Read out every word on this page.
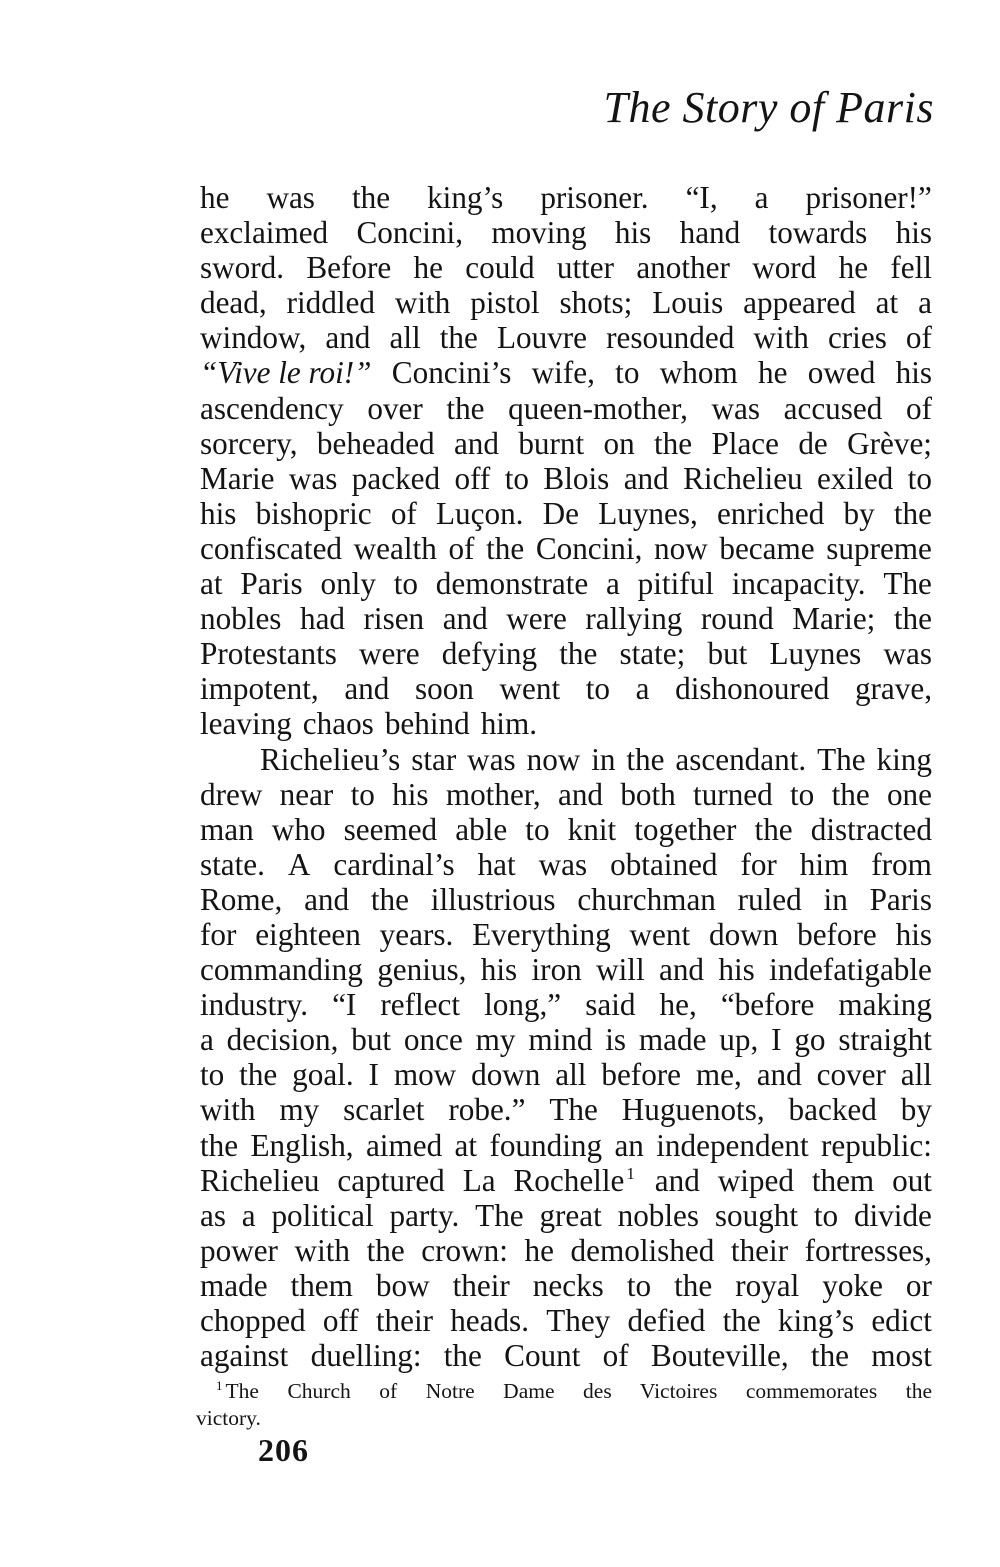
The Story of Paris
he was the king’s prisoner. “I, a prisoner!”
exclaimed Concini, moving his hand towards his
sword. Before he could utter another word he fell
dead, riddled with pistol shots; Louis appeared at a
window, and all the Louvre resounded with cries of
“Vive le roi!” Concini’s wife, to whom he owed his
ascendency over the queen-mother, was accused of
sorcery, beheaded and burnt on the Place de Grève;
Marie was packed off to Blois and Richelieu exiled to
his bishopric of Luçon. De Luynes, enriched by the
confiscated wealth of the Concini, now became supreme
at Paris only to demonstrate a pitiful incapacity. The
nobles had risen and were rallying round Marie; the
Protestants were defying the state; but Luynes was
impotent, and soon went to a dishonoured grave,
leaving chaos behind him.
Richelieu’s star was now in the ascendant. The king
drew near to his mother, and both turned to the one
man who seemed able to knit together the distracted
state. A cardinal’s hat was obtained for him from
Rome, and the illustrious churchman ruled in Paris
for eighteen years. Everything went down before his
commanding genius, his iron will and his indefatigable
industry. “I reflect long,” said he, “before making
a decision, but once my mind is made up, I go straight
to the goal. I mow down all before me, and cover all
with my scarlet robe.” The Huguenots, backed by
the English, aimed at founding an independent republic:
Richelieu captured La Rochelle $^1$ and wiped them out
as a political party. The great nobles sought to divide
power with the crown: he demolished their fortresses,
made them bow their necks to the royal yoke or
chopped off their heads. They defied the king’s edict
against duelling: the Count of Bouteville, the most
$^1$ The Church of Notre Dame des Victoires commemorates the
victory.
206
